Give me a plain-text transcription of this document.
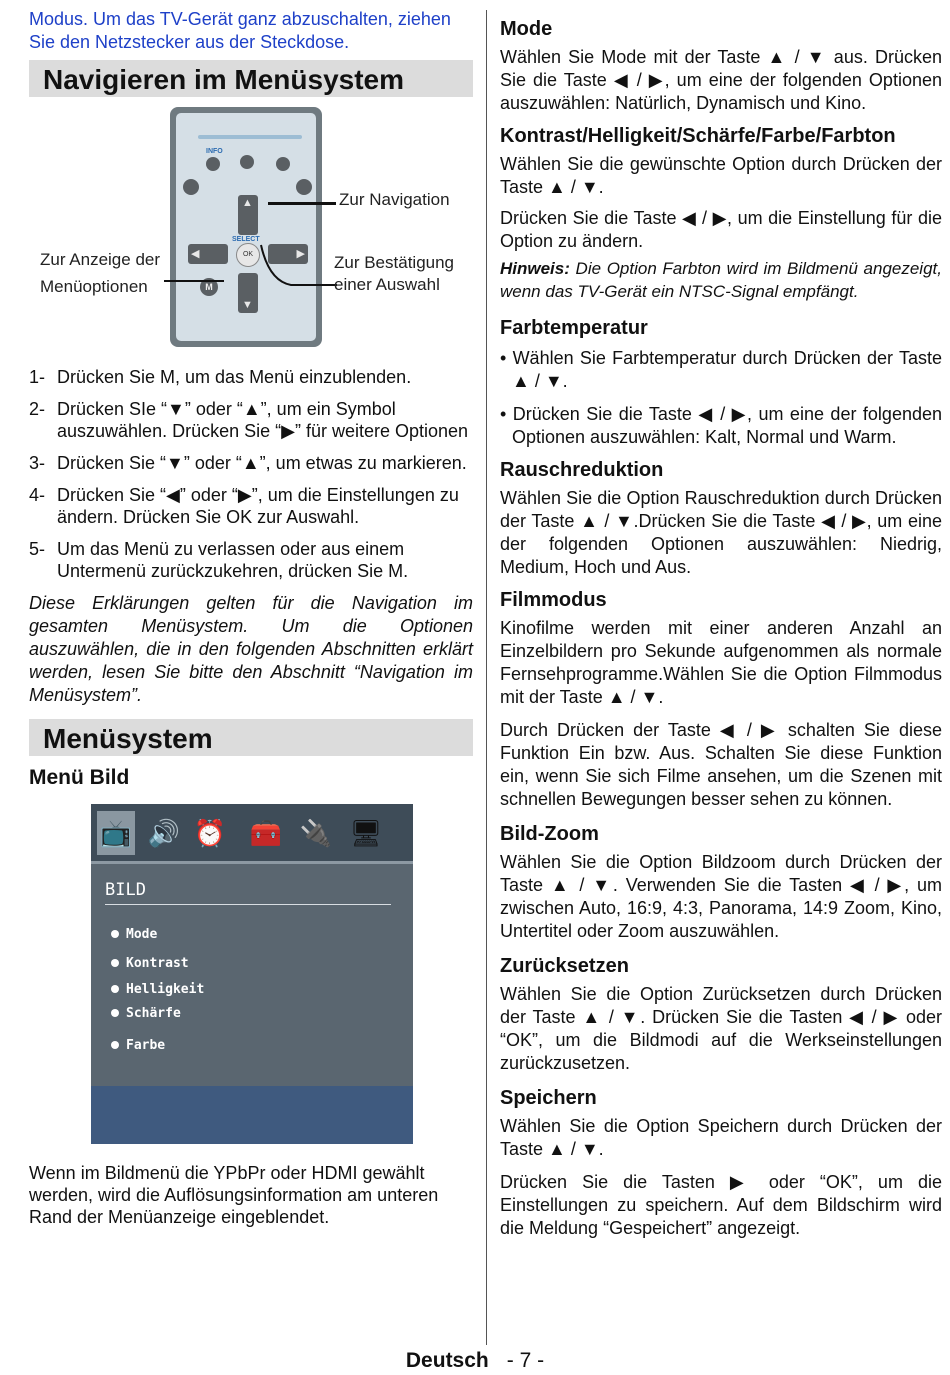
Modus. Um das TV-Gerät ganz abzuschalten, ziehen Sie den Netzstecker aus der Steckdose.

Navigieren im Menüsystem
INFO
▲
SELECT
◀	OK	▶
▼
M
Zur Navigation
Zur Anzeige der
Menüoptionen
Zur Bestätigung
einer Auswahl
1- Drücken Sie M, um das Menü einzublenden.
2- Drücken SIe “▼” oder “▲”, um ein Symbol auszuwählen. Drücken Sie “▶” für weitere Optionen
3- Drücken Sie “▼” oder “▲”, um etwas zu markieren.
4- Drücken Sie “◀” oder “▶”, um die Einstellungen zu ändern. Drücken Sie OK zur Auswahl.
5- Um das Menü zu verlassen oder aus einem Untermenü zurückzukehren, drücken Sie M.

Diese Erklärungen gelten für die Navigation im gesamten Menüsystem. Um die Optionen auszuwählen, die in den folgenden Abschnitten erklärt werden, lesen Sie bitte den Abschnitt “Navigation im Menüsystem”.

Menüsystem
Menü Bild
📺 🔊 ⏰ 🧰 🔌 🖥
BILD
Mode
Kontrast
Helligkeit
Schärfe
Farbe

Wenn im Bildmenü die YPbPr oder HDMI gewählt werden, wird die Auflösungsinformation am unteren Rand der Menüanzeige eingeblendet.

Mode

Wählen Sie Mode mit der Taste ▲ / ▼ aus. Drücken Sie die Taste ◀ / ▶, um eine der folgenden Optionen auszuwählen: Natürlich, Dynamisch und Kino.

Kontrast/Helligkeit/Schärfe/Farbe/Farbton

Wählen Sie die gewünschte Option durch Drücken der Taste ▲ / ▼.

Drücken Sie die Taste ◀ / ▶, um die Einstellung für die Option zu ändern.

Hinweis: Die Option Farbton wird im Bildmenü angezeigt, wenn das TV-Gerät ein NTSC-Signal empfängt.

Farbtemperatur

• Wählen Sie Farbtemperatur durch Drücken der Taste ▲ / ▼.

• Drücken Sie die Taste ◀ / ▶, um eine der folgenden Optionen auszuwählen: Kalt, Normal und Warm.

Rauschreduktion

Wählen Sie die Option Rauschreduktion durch Drücken der Taste ▲ / ▼.Drücken Sie die Taste ◀ / ▶, um eine der folgenden Optionen auszuwählen: Niedrig, Medium, Hoch und Aus.

Filmmodus

Kinofilme werden mit einer anderen Anzahl an Einzelbildern pro Sekunde aufgenommen als normale Fernsehprogramme.Wählen Sie die Option Filmmodus mit der Taste ▲ / ▼.

Durch Drücken der Taste ◀ / ▶ schalten Sie diese Funktion Ein bzw. Aus. Schalten Sie diese Funktion ein, wenn Sie sich Filme ansehen, um die Szenen mit schnellen Bewegungen besser sehen zu können.

Bild-Zoom

Wählen Sie die Option Bildzoom durch Drücken der Taste ▲ / ▼. Verwenden Sie die Tasten ◀ / ▶, um zwischen Auto, 16:9, 4:3, Panorama, 14:9 Zoom, Kino, Untertitel oder Zoom auszuwählen.

Zurücksetzen

Wählen Sie die Option Zurücksetzen durch Drücken der Taste ▲ / ▼. Drücken Sie die Tasten ◀ / ▶ oder “OK”, um die Bildmodi auf die Werkseinstellungen zurückzusetzen.

Speichern

Wählen Sie die Option Speichern durch Drücken der Taste ▲ / ▼.

Drücken Sie die Tasten ▶ oder “OK”, um die Einstellungen zu speichern. Auf dem Bildschirm wird die Meldung “Gespeichert” angezeigt.

Deutsch - 7 -
